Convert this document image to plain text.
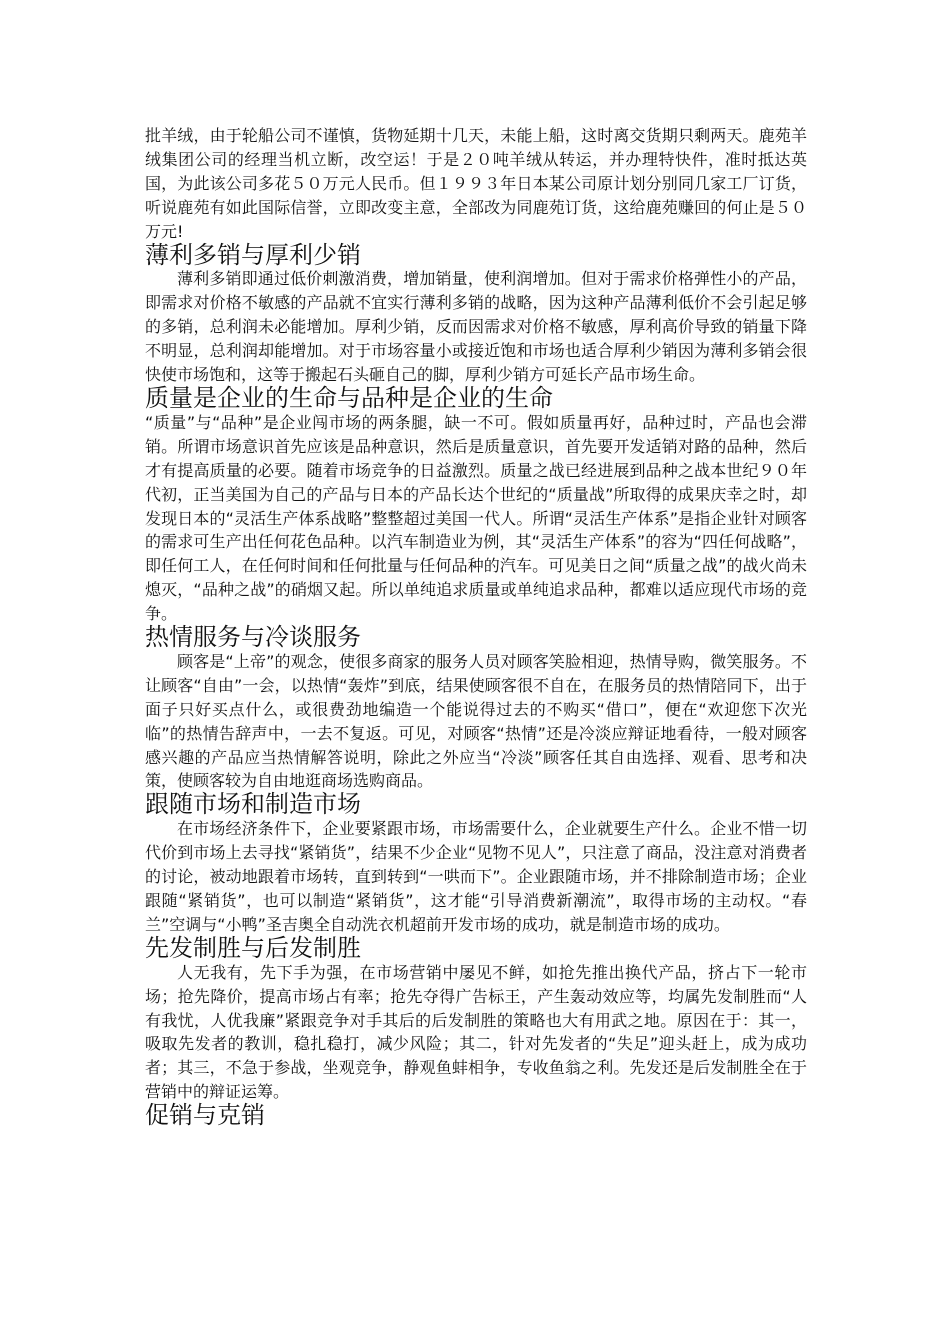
批羊绒，由于轮船公司不谨慎，货物延期十几天，未能上船，这时离交货期只剩两天。鹿苑羊绒集团公司的经理当机立断，改空运！于是２０吨羊绒从转运，并办理特快件，准时抵达英国，为此该公司多花５０万元人民币。但１９９３年日本某公司原计划分别同几家工厂订货，听说鹿苑有如此国际信誉，立即改变主意，全部改为同鹿苑订货，这给鹿苑赚回的何止是５０万元!

薄利多销与厚利少销

薄利多销即通过低价刺激消费，增加销量，使利润增加。但对于需求价格弹性小的产品，即需求对价格不敏感的产品就不宜实行薄利多销的战略，因为这种产品薄利低价不会引起足够的多销，总利润未必能增加。厚利少销，反而因需求对价格不敏感，厚利高价导致的销量下降不明显，总利润却能增加。对于市场容量小或接近饱和市场也适合厚利少销因为薄利多销会很快使市场饱和，这等于搬起石头砸自己的脚，厚利少销方可延长产品市场生命。

质量是企业的生命与品种是企业的生命

“质量”与“品种”是企业闯市场的两条腿，缺一不可。假如质量再好，品种过时，产品也会滞销。所谓市场意识首先应该是品种意识，然后是质量意识，首先要开发适销对路的品种，然后才有提高质量的必要。随着市场竞争的日益激烈。质量之战已经进展到品种之战本世纪９０年代初，正当美国为自己的产品与日本的产品长达个世纪的“质量战”所取得的成果庆幸之时，却发现日本的“灵活生产体系战略”整整超过美国一代人。所谓“灵活生产体系”是指企业针对顾客的需求可生产出任何花色品种。以汽车制造业为例，其“灵活生产体系”的容为“四任何战略”，即任何工人，在任何时间和任何批量与任何品种的汽车。可见美日之间“质量之战”的战火尚未熄灭，“品种之战”的硝烟又起。所以单纯追求质量或单纯追求品种，都难以适应现代市场的竞争。

热情服务与冷谈服务

顾客是“上帝”的观念，使很多商家的服务人员对顾客笑脸相迎，热情导购，微笑服务。不让顾客“自由”一会，以热情“轰炸”到底，结果使顾客很不自在，在服务员的热情陪同下，出于面子只好买点什么，或很费劲地编造一个能说得过去的不购买“借口”，便在“欢迎您下次光临”的热情告辞声中，一去不复返。可见，对顾客“热情”还是冷淡应辩证地看待，一般对顾客感兴趣的产品应当热情解答说明，除此之外应当“冷淡”顾客任其自由选择、观看、思考和决策，使顾客较为自由地逛商场选购商品。

跟随市场和制造市场

在市场经济条件下，企业要紧跟市场，市场需要什么，企业就要生产什么。企业不惜一切代价到市场上去寻找“紧销货”，结果不少企业“见物不见人”，只注意了商品，没注意对消费者的讨论，被动地跟着市场转，直到转到“一哄而下”。企业跟随市场，并不排除制造市场；企业跟随“紧销货”，也可以制造“紧销货”，这才能“引导消费新潮流”，取得市场的主动权。“春兰”空调与“小鸭”圣吉奥全自动洗衣机超前开发市场的成功，就是制造市场的成功。

先发制胜与后发制胜

人无我有，先下手为强，在市场营销中屡见不鲜，如抢先推出换代产品，挤占下一轮市场；抢先降价，提高市场占有率；抢先夺得广告标王，产生轰动效应等，均属先发制胜而“人有我忧，人优我廉”紧跟竞争对手其后的后发制胜的策略也大有用武之地。原因在于：其一，吸取先发者的教训，稳扎稳打，减少风险；其二，针对先发者的“失足”迎头赶上，成为成功者；其三，不急于参战，坐观竞争，静观鱼蚌相争，专收鱼翁之利。先发还是后发制胜全在于营销中的辩证运筹。

促销与克销
